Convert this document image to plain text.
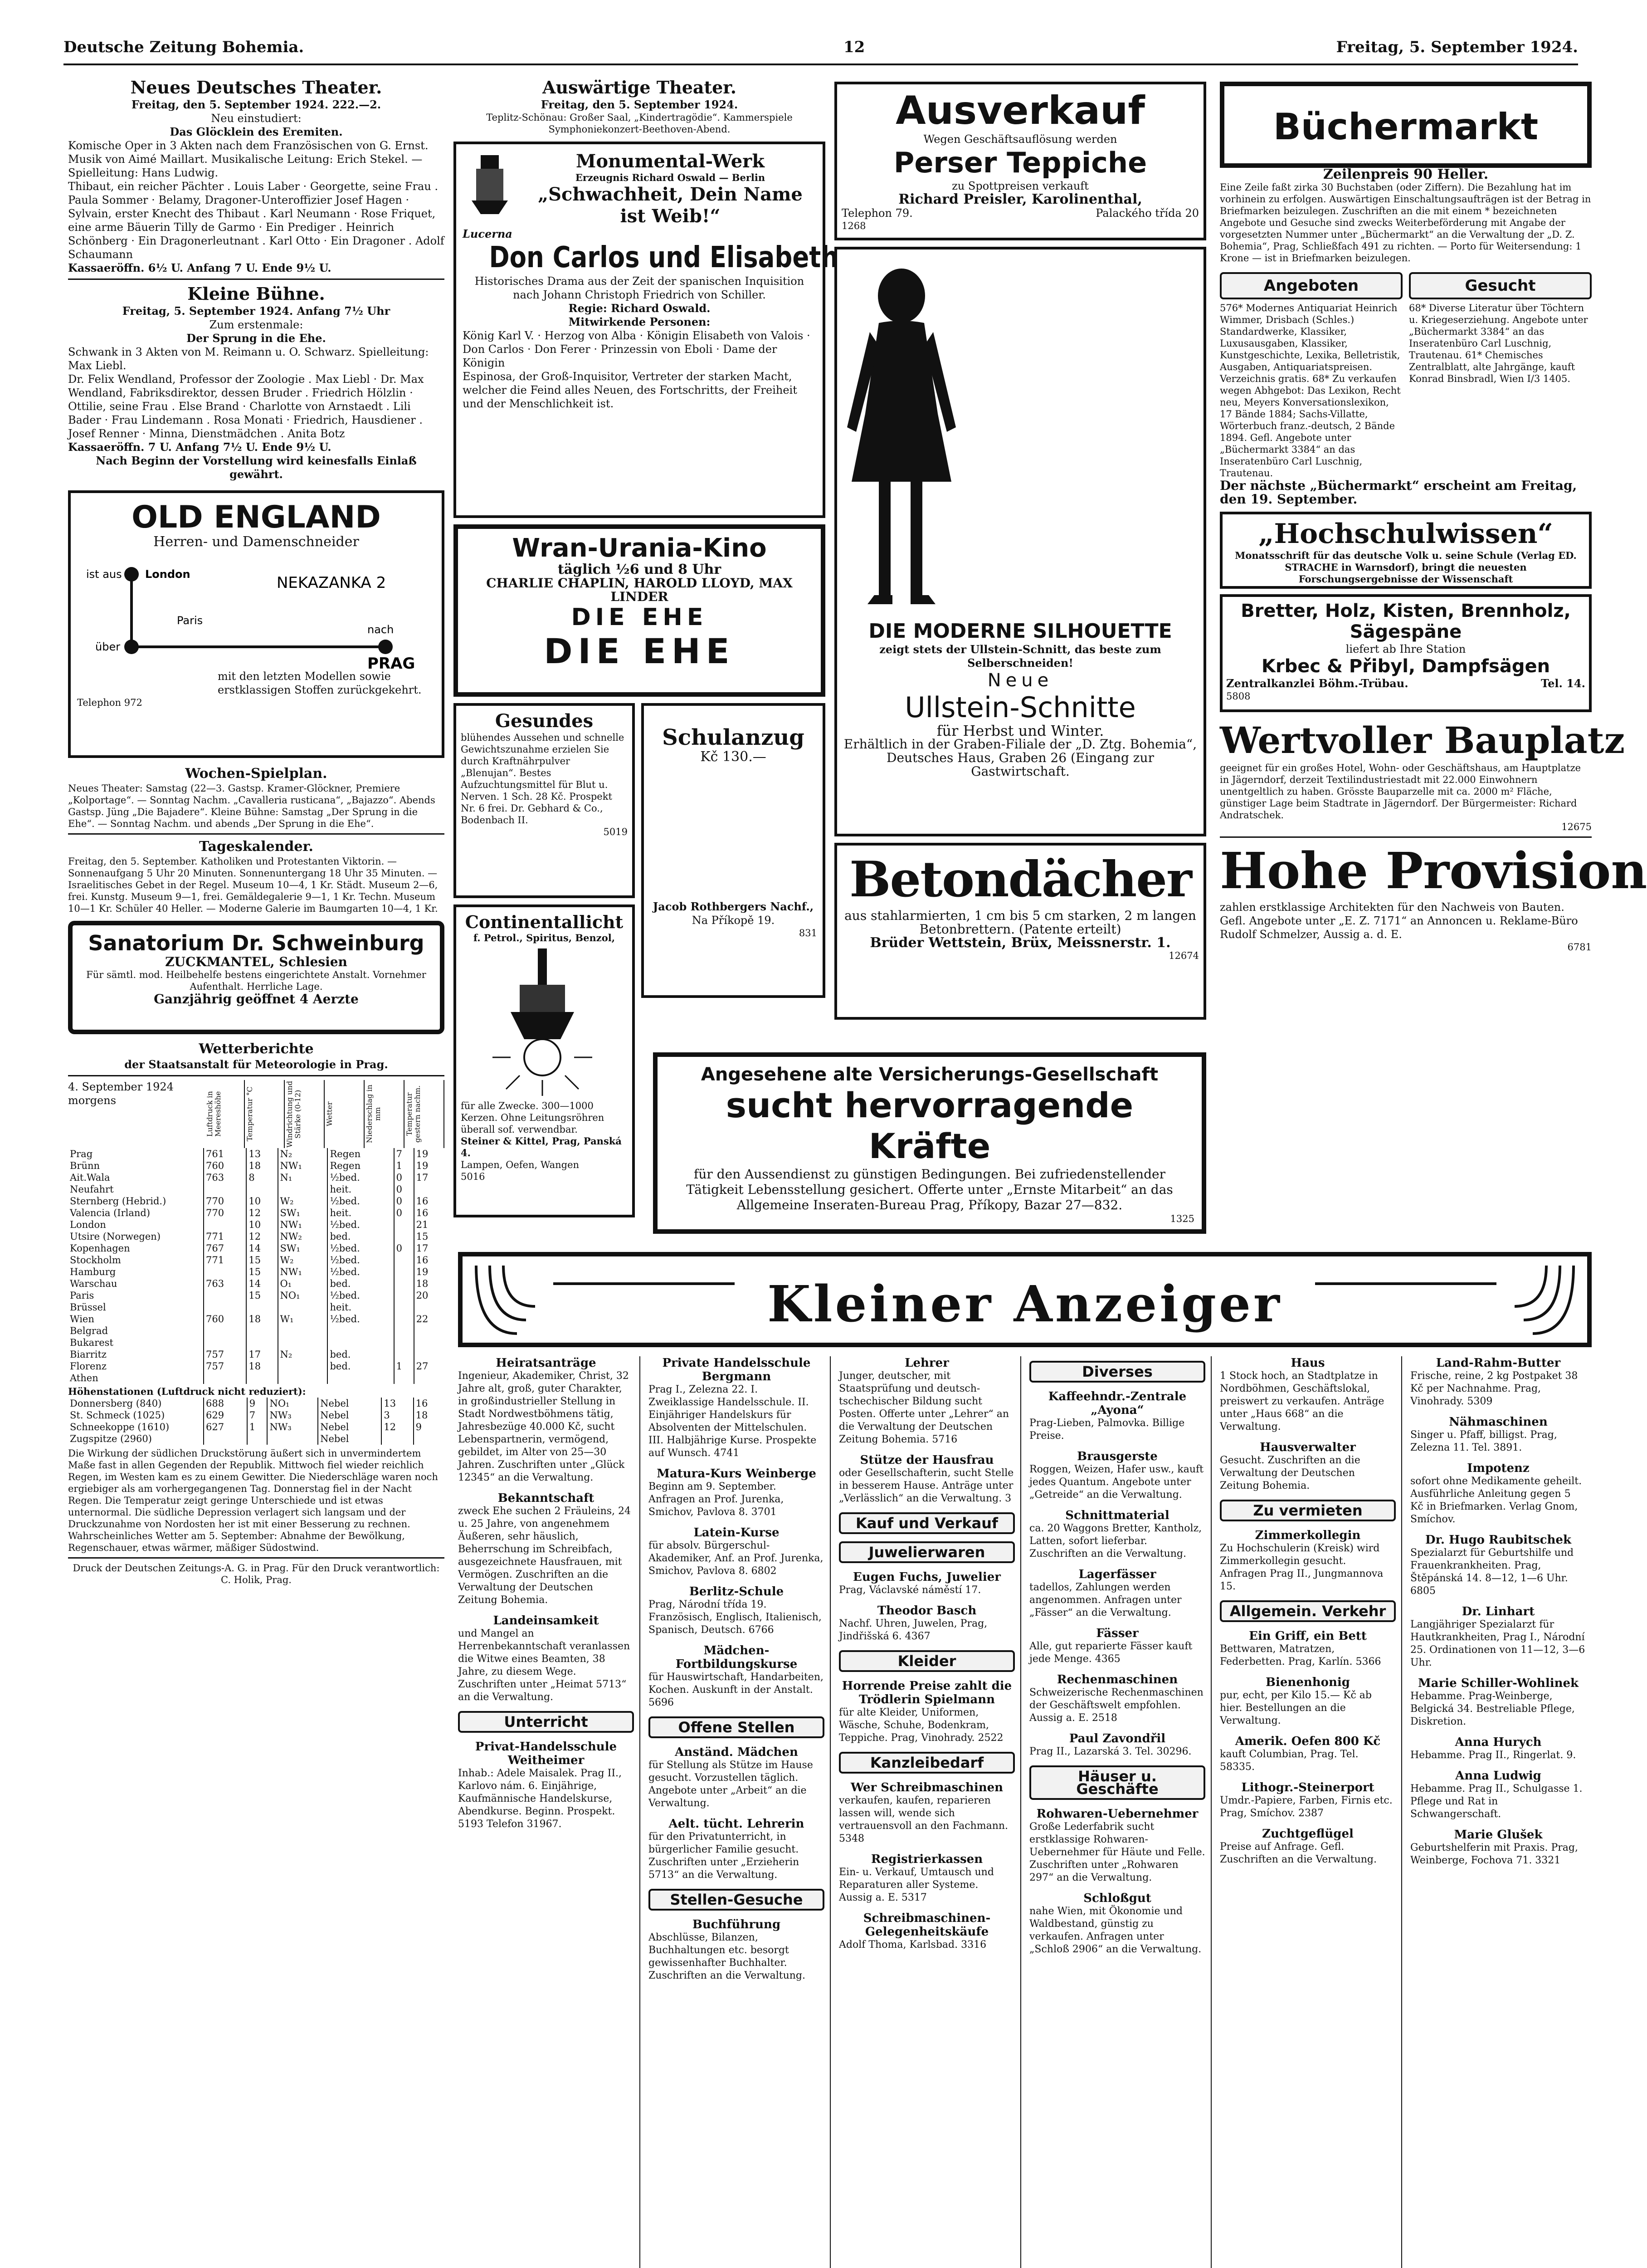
Deutsche Zeitung Bohemia.	12	Freitag, 5. September 1924.
Neues Deutsches Theater.
Freitag, den 5. September 1924. 222.—2.
Neu einstudiert:
Das Glöcklein des Eremiten.
Komische Oper in 3 Akten nach dem Französischen von G. Ernst. Musik von Aimé Maillart. Musikalische Leitung: Erich Stekel. — Spielleitung: Hans Ludwig.
Thibaut, ein reicher Pächter . Louis Laber · Georgette, seine Frau . Paula Sommer · Belamy, Dragoner-Unteroffizier Josef Hagen · Sylvain, erster Knecht des Thibaut . Karl Neumann · Rose Friquet, eine arme Bäuerin Tilly de Garmo · Ein Prediger . Heinrich Schönberg · Ein Dragonerleutnant . Karl Otto · Ein Dragoner . Adolf Schaumann
Kassaeröffn. 6½ U. Anfang 7 U. Ende 9½ U.
Kleine Bühne.
Freitag, 5. September 1924. Anfang 7½ Uhr
Zum erstenmale:
Der Sprung in die Ehe.
Schwank in 3 Akten von M. Reimann u. O. Schwarz. Spielleitung: Max Liebl.
Dr. Felix Wendland, Professor der Zoologie . Max Liebl · Dr. Max Wendland, Fabriksdirektor, dessen Bruder . Friedrich Hölzlin · Ottilie, seine Frau . Else Brand · Charlotte von Arnstaedt . Lili Bader · Frau Lindemann . Rosa Monati · Friedrich, Hausdiener . Josef Renner · Minna, Dienstmädchen . Anita Botz
Kassaeröffn. 7 U. Anfang 7½ U. Ende 9½ U.
Nach Beginn der Vorstellung wird keinesfalls Einlaß gewährt.
OLD ENGLAND
Herren- und Damenschneider
ist aus London
Paris
über
nach
PRAG
NEKAZANKA 2
mit den letzten Modellen sowie erstklassigen Stoffen zurückgekehrt.
Telephon 972
Wochen-Spielplan.
Neues Theater: Samstag (22—3. Gastsp. Kramer-Glöckner, Premiere „Kolportage“. — Sonntag Nachm. „Cavalleria rusticana“, „Bajazzo“. Abends Gastsp. Jüng „Die Bajadere“. Kleine Bühne: Samstag „Der Sprung in die Ehe“. — Sonntag Nachm. und abends „Der Sprung in die Ehe“.
Tageskalender.
Freitag, den 5. September. Katholiken und Protestanten Viktorin. — Sonnenaufgang 5 Uhr 20 Minuten. Sonnenuntergang 18 Uhr 35 Minuten. — Israelitisches Gebet in der Regel. Museum 10—4, 1 Kr. Städt. Museum 2—6, frei. Kunstg. Museum 9—1, frei. Gemäldegalerie 9—1, 1 Kr. Techn. Museum 10—1 Kr. Schüler 40 Heller. — Moderne Galerie im Baumgarten 10—4, 1 Kr.
Sanatorium Dr. Schweinburg
ZUCKMANTEL, Schlesien
Für sämtl. mod. Heilbehelfe bestens eingerichtete Anstalt. Vornehmer Aufenthalt. Herrliche Lage.
Ganzjährig geöffnet 4 Aerzte
Wetterberichte
der Staatsanstalt für Meteorologie in Prag.
4. September 1924 morgens	Luftdruck in Meereshöhe	Temperatur °C	Windrichtung und Stärke (0-12)	Wetter	Niederschlag in mm	Temperatur gestern nachm.
Prag	761	13	N₂	Regen	7	19
Brünn	760	18	NW₁	Regen	1	19
Ait.Wala	763	8	N₁	½bed.	0	17
Neufahrt				heit.	0	
Sternberg (Hebrid.)	770	10	W₂	½bed.	0	16
Valencia (Irland)	770	12	SW₁	heit.	0	16
London		10	NW₁	½bed.		21
Utsire (Norwegen)	771	12	NW₂	bed.		15
Kopenhagen	767	14	SW₁	½bed.	0	17
Stockholm	771	15	W₂	½bed.		16
Hamburg		15	NW₁	½bed.		19
Warschau	763	14	O₁	bed.		18
Paris		15	NO₁	½bed.		20
Brüssel				heit.		
Wien	760	18	W₁	½bed.		22
Belgrad						
Bukarest						
Biarritz	757	17	N₂	bed.		
Florenz	757	18		bed.	1	27
Athen						
Höhenstationen (Luftdruck nicht reduziert):
Donnersberg (840)	688	9	NO₁	Nebel	13	16
St. Schmeck (1025)	629	7	NW₃	Nebel	3	18
Schneekoppe (1610)	627	1	NW₃	Nebel	12	9
Zugspitze (2960)				Nebel		
Die Wirkung der südlichen Druckstörung äußert sich in unvermindertem Maße fast in allen Gegenden der Republik. Mittwoch fiel wieder reichlich Regen, im Westen kam es zu einem Gewitter. Die Niederschläge waren noch ergiebiger als am vorhergegangenen Tag. Donnerstag fiel in der Nacht Regen. Die Temperatur zeigt geringe Unterschiede und ist etwas unternormal. Die südliche Depression verlagert sich langsam und der Druckzunahme von Nordosten her ist mit einer Besserung zu rechnen.
Wahrscheinliches Wetter am 5. September: Abnahme der Bewölkung, Regenschauer, etwas wärmer, mäßiger Südostwind.
Druck der Deutschen Zeitungs-A. G. in Prag. Für den Druck verantwortlich: C. Holik, Prag.
Auswärtige Theater.
Freitag, den 5. September 1924.
Teplitz-Schönau: Großer Saal, „Kindertragödie“. Kammerspiele Symphoniekonzert-Beethoven-Abend.
Monumental-Werk
Erzeugnis Richard Oswald — Berlin
„Schwachheit, Dein Name ist Weib!“
Lucerna
Don Carlos und Elisabeth
Historisches Drama aus der Zeit der spanischen Inquisition nach Johann Christoph Friedrich von Schiller.
Regie: Richard Oswald.
Mitwirkende Personen:
König Karl V. · Herzog von Alba · Königin Elisabeth von Valois · Don Carlos · Don Ferer · Prinzessin von Eboli · Dame der Königin
Espinosa, der Groß-Inquisitor, Vertreter der starken Macht, welcher die Feind alles Neuen, des Fortschritts, der Freiheit und der Menschlichkeit ist.
Wran-Urania-Kino
täglich ½6 und 8 Uhr
CHARLIE CHAPLIN, HAROLD LLOYD, MAX LINDER
DIE EHE
DIE EHE
Gesundes
blühendes Aussehen und schnelle Gewichtszunahme erzielen Sie durch Kraftnährpulver „Blenujan“. Bestes Aufzuchtungsmittel für Blut u. Nerven. 1 Sch. 28 Kč. Prospekt Nr. 6 frei. Dr. Gebhard & Co., Bodenbach II.
5019
Continentallicht
f. Petrol., Spiritus, Benzol,
für alle Zwecke. 300—1000 Kerzen. Ohne Leitungsröhren überall sof. verwendbar.
Steiner & Kittel, Prag, Panská 4.
Lampen, Oefen, Wangen
5016
Schulanzug
Kč 130.—
Jacob Rothbergers Nachf.,
Na Příkopě 19.
831
Ausverkauf
Wegen Geschäftsauflösung werden
Perser Teppiche
zu Spottpreisen verkauft
Richard Preisler, Karolinenthal,
Telephon 79.	Palackého třída 20
1268
DIE MODERNE SILHOUETTE
zeigt stets der Ullstein-Schnitt, das beste zum Selberschneiden!
Neue
Ullstein-Schnitte
für Herbst und Winter.
Erhältlich in der Graben-Filiale der „D. Ztg. Bohemia“, Deutsches Haus, Graben 26 (Eingang zur Gastwirtschaft.
Betondächer
aus stahlarmierten, 1 cm bis 5 cm starken, 2 m langen Betonbrettern. (Patente erteilt)
Brüder Wettstein, Brüx, Meissnerstr. 1.
12674
Angesehene alte Versicherungs-Gesellschaft
sucht hervorragende Kräfte
für den Aussendienst zu günstigen Bedingungen. Bei zufriedenstellender Tätigkeit Lebensstellung gesichert. Offerte unter „Ernste Mitarbeit“ an das Allgemeine Inseraten-Bureau Prag, Příkopy, Bazar 27—832.
1325
Büchermarkt
Zeilenpreis 90 Heller.
Eine Zeile faßt zirka 30 Buchstaben (oder Ziffern). Die Bezahlung hat im vorhinein zu erfolgen. Auswärtigen Einschaltungsaufträgen ist der Betrag in Briefmarken beizulegen. Zuschriften an die mit einem * bezeichneten Angebote und Gesuche sind zwecks Weiterbeförderung mit Angabe der vorgesetzten Nummer unter „Büchermarkt“ an die Verwaltung der „D. Z. Bohemia“, Prag, Schließfach 491 zu richten. — Porto für Weitersendung: 1 Krone — ist in Briefmarken beizulegen.
Angeboten
576* Modernes Antiquariat Heinrich Wimmer, Drisbach (Schles.) Standardwerke, Klassiker, Luxusausgaben, Klassiker, Kunstgeschichte, Lexika, Belletristik, Ausgaben, Antiquariatspreisen. Verzeichnis gratis. 68* Zu verkaufen wegen Abhgebot: Das Lexikon, Recht neu, Meyers Konversationslexikon, 17 Bände 1884; Sachs-Villatte, Wörterbuch franz.-deutsch, 2 Bände 1894. Gefl. Angebote unter „Büchermarkt 3384“ an das Inseratenbüro Carl Luschnig, Trautenau.
Gesucht
68* Diverse Literatur über Töchtern u. Kriegeserziehung. Angebote unter „Büchermarkt 3384“ an das Inseratenbüro Carl Luschnig, Trautenau. 61* Chemisches Zentralblatt, alte Jahrgänge, kauft Konrad Binsbradl, Wien I/3 1405.
Der nächste „Büchermarkt“ erscheint am Freitag, den 19. September.
„Hochschulwissen“
Monatsschrift für das deutsche Volk u. seine Schule (Verlag ED. STRACHE in Warnsdorf), bringt die neuesten Forschungsergebnisse der Wissenschaft
Bretter, Holz, Kisten, Brennholz, Sägespäne
liefert ab Ihre Station
Krbec & Přibyl, Dampfsägen
Zentralkanzlei Böhm.-Trübau.	Tel. 14.
5808
Wertvoller Bauplatz
geeignet für ein großes Hotel, Wohn- oder Geschäftshaus, am Hauptplatze in Jägerndorf, derzeit Textilindustriestadt mit 22.000 Einwohnern unentgeltlich zu haben. Grösste Bauparzelle mit ca. 2000 m² Fläche, günstiger Lage beim Stadtrate in Jägerndorf. Der Bürgermeister: Richard Andratschek.
12675
Hohe Provision
zahlen erstklassige Architekten für den Nachweis von Bauten. Gefl. Angebote unter „E. Z. 7171“ an Annoncen u. Reklame-Büro Rudolf Schmelzer, Aussig a. d. E.
6781
Kleiner Anzeiger
Heiratsanträge
Ingenieur, Akademiker, Christ, 32 Jahre alt, groß, guter Charakter, in großindustrieller Stellung in Stadt Nordwestböhmens tätig, Jahresbezüge 40.000 Kč, sucht Lebenspartnerin, vermögend, gebildet, im Alter von 25—30 Jahren. Zuschriften unter „Glück 12345“ an die Verwaltung.
Bekanntschaft
zweck Ehe suchen 2 Fräuleins, 24 u. 25 Jahre, von angenehmem Äußeren, sehr häuslich, Beherrschung im Schreibfach, ausgezeichnete Hausfrauen, mit Vermögen. Zuschriften an die Verwaltung der Deutschen Zeitung Bohemia.
Landeinsamkeit
und Mangel an Herrenbekanntschaft veranlassen die Witwe eines Beamten, 38 Jahre, zu diesem Wege. Zuschriften unter „Heimat 5713“ an die Verwaltung.
Unterricht
Privat-Handelsschule Weitheimer
Inhab.: Adele Maisalek. Prag II., Karlovo nám. 6. Einjährige, Kaufmännische Handelskurse, Abendkurse. Beginn. Prospekt. 5193 Telefon 31967.
Private Handelsschule Bergmann
Prag I., Zelezna 22. I. Zweiklassige Handelsschule. II. Einjähriger Handelskurs für Absolventen der Mittelschulen. III. Halbjährige Kurse. Prospekte auf Wunsch. 4741
Matura-Kurs Weinberge
Beginn am 9. September. Anfragen an Prof. Jurenka, Smichov, Pavlova 8. 3701
Latein-Kurse
für absolv. Bürgerschul-Akademiker, Anf. an Prof. Jurenka, Smichov, Pavlova 8. 6802
Berlitz-Schule
Prag, Národní třída 19. Französisch, Englisch, Italienisch, Spanisch, Deutsch. 6766
Mädchen-Fortbildungskurse
für Hauswirtschaft, Handarbeiten, Kochen. Auskunft in der Anstalt. 5696
Offene Stellen
Anständ. Mädchen
für Stellung als Stütze im Hause gesucht. Vorzustellen täglich. Angebote unter „Arbeit“ an die Verwaltung.
Aelt. tücht. Lehrerin
für den Privatunterricht, in bürgerlicher Familie gesucht. Zuschriften unter „Erzieherin 5713“ an die Verwaltung.
Stellen-Gesuche
Buchführung
Abschlüsse, Bilanzen, Buchhaltungen etc. besorgt gewissenhafter Buchhalter. Zuschriften an die Verwaltung.
Lehrer
Junger, deutscher, mit Staatsprüfung und deutsch-tschechischer Bildung sucht Posten. Offerte unter „Lehrer“ an die Verwaltung der Deutschen Zeitung Bohemia. 5716
Stütze der Hausfrau
oder Gesellschafterin, sucht Stelle in besserem Hause. Anträge unter „Verlässlich“ an die Verwaltung. 3
Kauf und Verkauf
Juwelierwaren
Eugen Fuchs, Juwelier
Prag, Václavské náměstí 17.
Theodor Basch
Nachf. Uhren, Juwelen, Prag, Jindřišská 6. 4367
Kleider
Horrende Preise zahlt die Trödlerin Spielmann
für alte Kleider, Uniformen, Wäsche, Schuhe, Bodenkram, Teppiche. Prag, Vinohrady. 2522
Kanzleibedarf
Wer Schreibmaschinen
verkaufen, kaufen, reparieren lassen will, wende sich vertrauensvoll an den Fachmann. 5348
Registrierkassen
Ein- u. Verkauf, Umtausch und Reparaturen aller Systeme. Aussig a. E. 5317
Schreibmaschinen-Gelegenheitskäufe
Adolf Thoma, Karlsbad. 3316
Diverses
Kaffeehndr.-Zentrale „Ayona“
Prag-Lieben, Palmovka. Billige Preise.
Brausgerste
Roggen, Weizen, Hafer usw., kauft jedes Quantum. Angebote unter „Getreide“ an die Verwaltung.
Schnittmaterial
ca. 20 Waggons Bretter, Kantholz, Latten, sofort lieferbar. Zuschriften an die Verwaltung.
Lagerfässer
tadellos, Zahlungen werden angenommen. Anfragen unter „Fässer“ an die Verwaltung.
Fässer
Alle, gut reparierte Fässer kauft jede Menge. 4365
Rechenmaschinen
Schweizerische Rechenmaschinen der Geschäftswelt empfohlen. Aussig a. E. 2518
Paul Zavondřil
Prag II., Lazarská 3. Tel. 30296.
Häuser u. Geschäfte
Rohwaren-Uebernehmer
Große Lederfabrik sucht erstklassige Rohwaren-Uebernehmer für Häute und Felle. Zuschriften unter „Rohwaren 297“ an die Verwaltung.
Schloßgut
nahe Wien, mit Ökonomie und Waldbestand, günstig zu verkaufen. Anfragen unter „Schloß 2906“ an die Verwaltung.
Haus
1 Stock hoch, an Stadtplatze in Nordböhmen, Geschäftslokal, preiswert zu verkaufen. Anträge unter „Haus 668“ an die Verwaltung.
Hausverwalter
Gesucht. Zuschriften an die Verwaltung der Deutschen Zeitung Bohemia.
Zu vermieten
Zimmerkollegin
Zu Hochschulerin (Kreisk) wird Zimmerkollegin gesucht. Anfragen Prag II., Jungmannova 15.
Allgemein. Verkehr
Ein Griff, ein Bett
Bettwaren, Matratzen, Federbetten. Prag, Karlín. 5366
Bienenhonig
pur, echt, per Kilo 15.— Kč ab hier. Bestellungen an die Verwaltung.
Amerik. Oefen 800 Kč
kauft Columbian, Prag. Tel. 58335.
Lithogr.-Steinerport
Umdr.-Papiere, Farben, Firnis etc. Prag, Smíchov. 2387
Zuchtgeflügel
Preise auf Anfrage. Gefl. Zuschriften an die Verwaltung.
Land-Rahm-Butter
Frische, reine, 2 kg Postpaket 38 Kč per Nachnahme. Prag, Vinohrady. 5309
Nähmaschinen
Singer u. Pfaff, billigst. Prag, Zelezna 11. Tel. 3891.
Impotenz
sofort ohne Medikamente geheilt. Ausführliche Anleitung gegen 5 Kč in Briefmarken. Verlag Gnom, Smíchov.
Dr. Hugo Raubitschek
Spezialarzt für Geburtshilfe und Frauenkrankheiten. Prag, Štěpánská 14. 8—12, 1—6 Uhr. 6805
Dr. Linhart
Langjähriger Spezialarzt für Hautkrankheiten, Prag I., Národní 25. Ordinationen von 11—12, 3—6 Uhr.
Marie Schiller-Wohlinek
Hebamme. Prag-Weinberge, Belgická 34. Bestreliable Pflege, Diskretion.
Anna Hurych
Hebamme. Prag II., Ringerlat. 9.
Anna Ludwig
Hebamme. Prag II., Schulgasse 1. Pflege und Rat in Schwangerschaft.
Marie Glušek
Geburtshelferin mit Praxis. Prag, Weinberge, Fochova 71. 3321
